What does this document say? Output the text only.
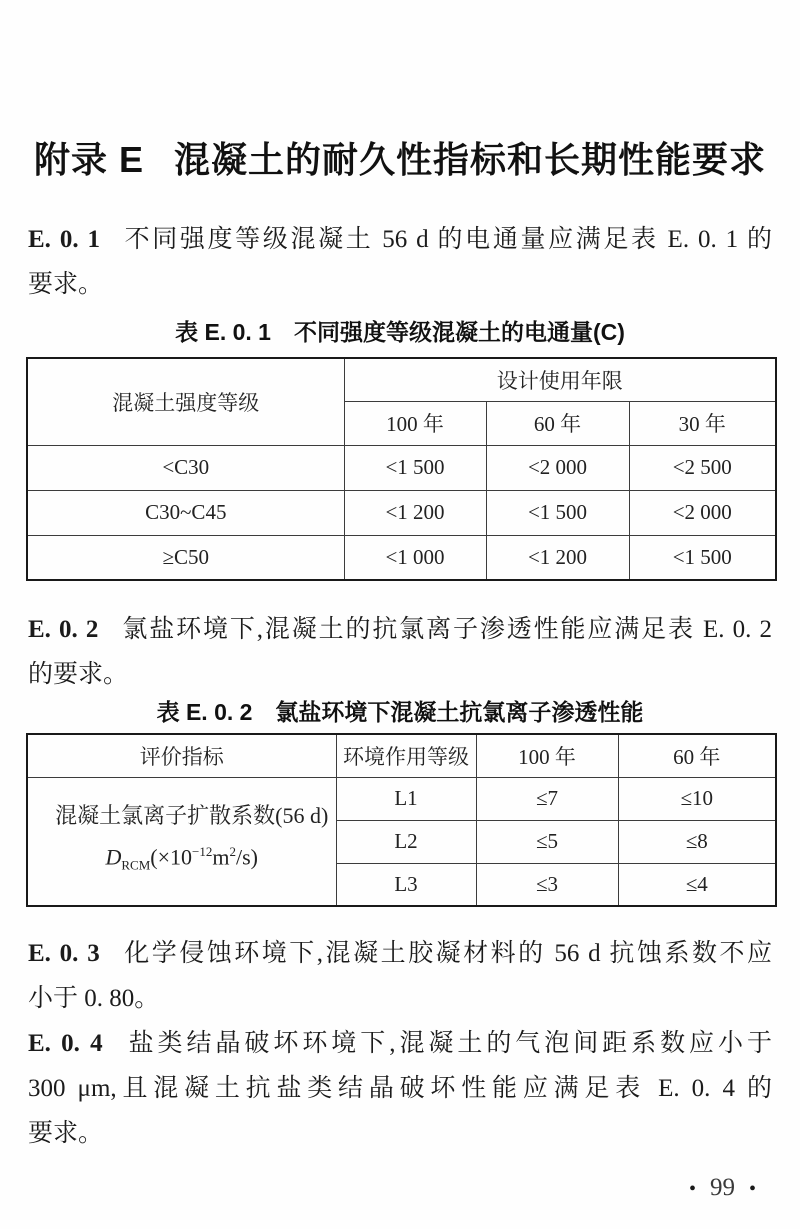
附录 E 混凝土的耐久性指标和长期性能要求
E. 0. 1 不同强度等级混凝土 56 d 的电通量应满足表 E. 0. 1 的
要求。
表 E. 0. 1　不同强度等级混凝土的电通量(C)
混凝土强度等级	设计使用年限		
	100 年	60 年	30 年
<C30	<1 500	<2 000	<2 500
C30~C45	<1 200	<1 500	<2 000
≥C50	<1 000	<1 200	<1 500
E. 0. 2 氯盐环境下,混凝土的抗氯离子渗透性能应满足表 E. 0. 2
的要求。
表 E. 0. 2　氯盐环境下混凝土抗氯离子渗透性能
评价指标	环境作用等级	100 年	60 年

混凝土氯离子扩散系数(56 d)
$D_{RCM}(\times 10^{-12}m^2/s)$	L1	≤7	≤10
	L2	≤5	≤8
	L3	≤3	≤4
E. 0. 3 化学侵蚀环境下,混凝土胶凝材料的 56 d 抗蚀系数不应
小于 0. 80。
E. 0. 4 盐类结晶破坏环境下,混凝土的气泡间距系数应小于
300 μm,且混凝土抗盐类结晶破坏性能应满足表 E. 0. 4 的
要求。
• 99 •
